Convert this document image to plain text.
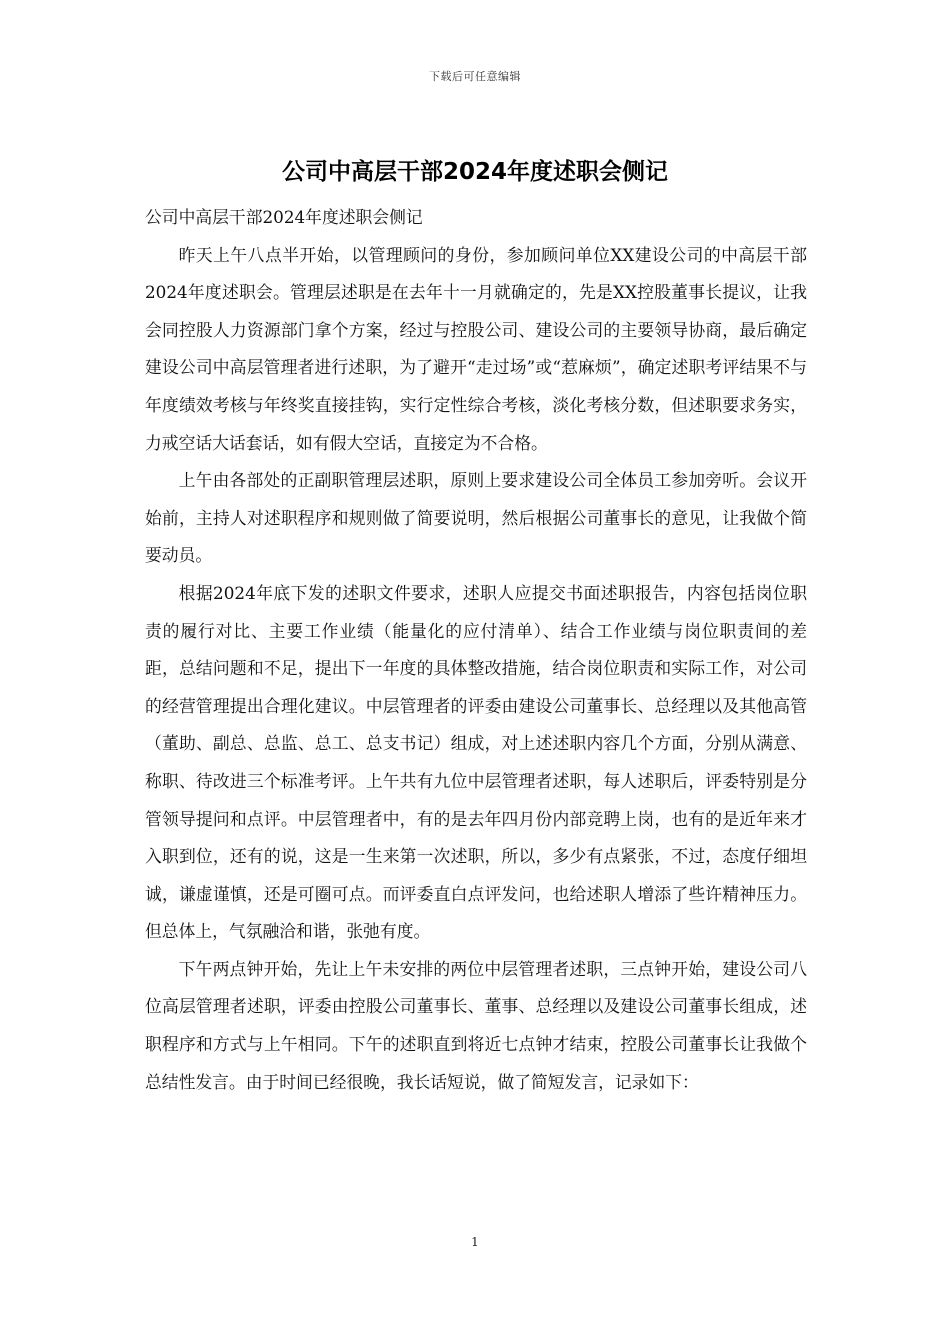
下载后可任意编辑
公司中高层干部2024年度述职会侧记

公司中高层干部2024年度述职会侧记

昨天上午八点半开始，以管理顾问的身份，参加顾问单位XX建设公司的中高层干部2024年度述职会。管理层述职是在去年十一月就确定的，先是XX控股董事长提议，让我会同控股人力资源部门拿个方案，经过与控股公司、建设公司的主要领导协商，最后确定建设公司中高层管理者进行述职，为了避开“走过场”或“惹麻烦”，确定述职考评结果不与年度绩效考核与年终奖直接挂钩，实行定性综合考核，淡化考核分数，但述职要求务实，力戒空话大话套话，如有假大空话，直接定为不合格。

上午由各部处的正副职管理层述职，原则上要求建设公司全体员工参加旁听。会议开始前，主持人对述职程序和规则做了简要说明，然后根据公司董事长的意见，让我做个简要动员。

根据2024年底下发的述职文件要求，述职人应提交书面述职报告，内容包括岗位职责的履行对比、主要工作业绩（能量化的应付清单）、结合工作业绩与岗位职责间的差距，总结问题和不足，提出下一年度的具体整改措施，结合岗位职责和实际工作，对公司的经营管理提出合理化建议。中层管理者的评委由建设公司董事长、总经理以及其他高管（董助、副总、总监、总工、总支书记）组成，对上述述职内容几个方面，分别从满意、称职、待改进三个标准考评。上午共有九位中层管理者述职，每人述职后，评委特别是分管领导提问和点评。中层管理者中，有的是去年四月份内部竞聘上岗，也有的是近年来才入职到位，还有的说，这是一生来第一次述职，所以，多少有点紧张，不过，态度仔细坦诚，谦虚谨慎，还是可圈可点。而评委直白点评发问，也给述职人增添了些许精神压力。但总体上，气氛融洽和谐，张弛有度。

下午两点钟开始，先让上午未安排的两位中层管理者述职，三点钟开始，建设公司八位高层管理者述职，评委由控股公司董事长、董事、总经理以及建设公司董事长组成，述职程序和方式与上午相同。下午的述职直到将近七点钟才结束，控股公司董事长让我做个总结性发言。由于时间已经很晚，我长话短说，做了简短发言，记录如下：

1
